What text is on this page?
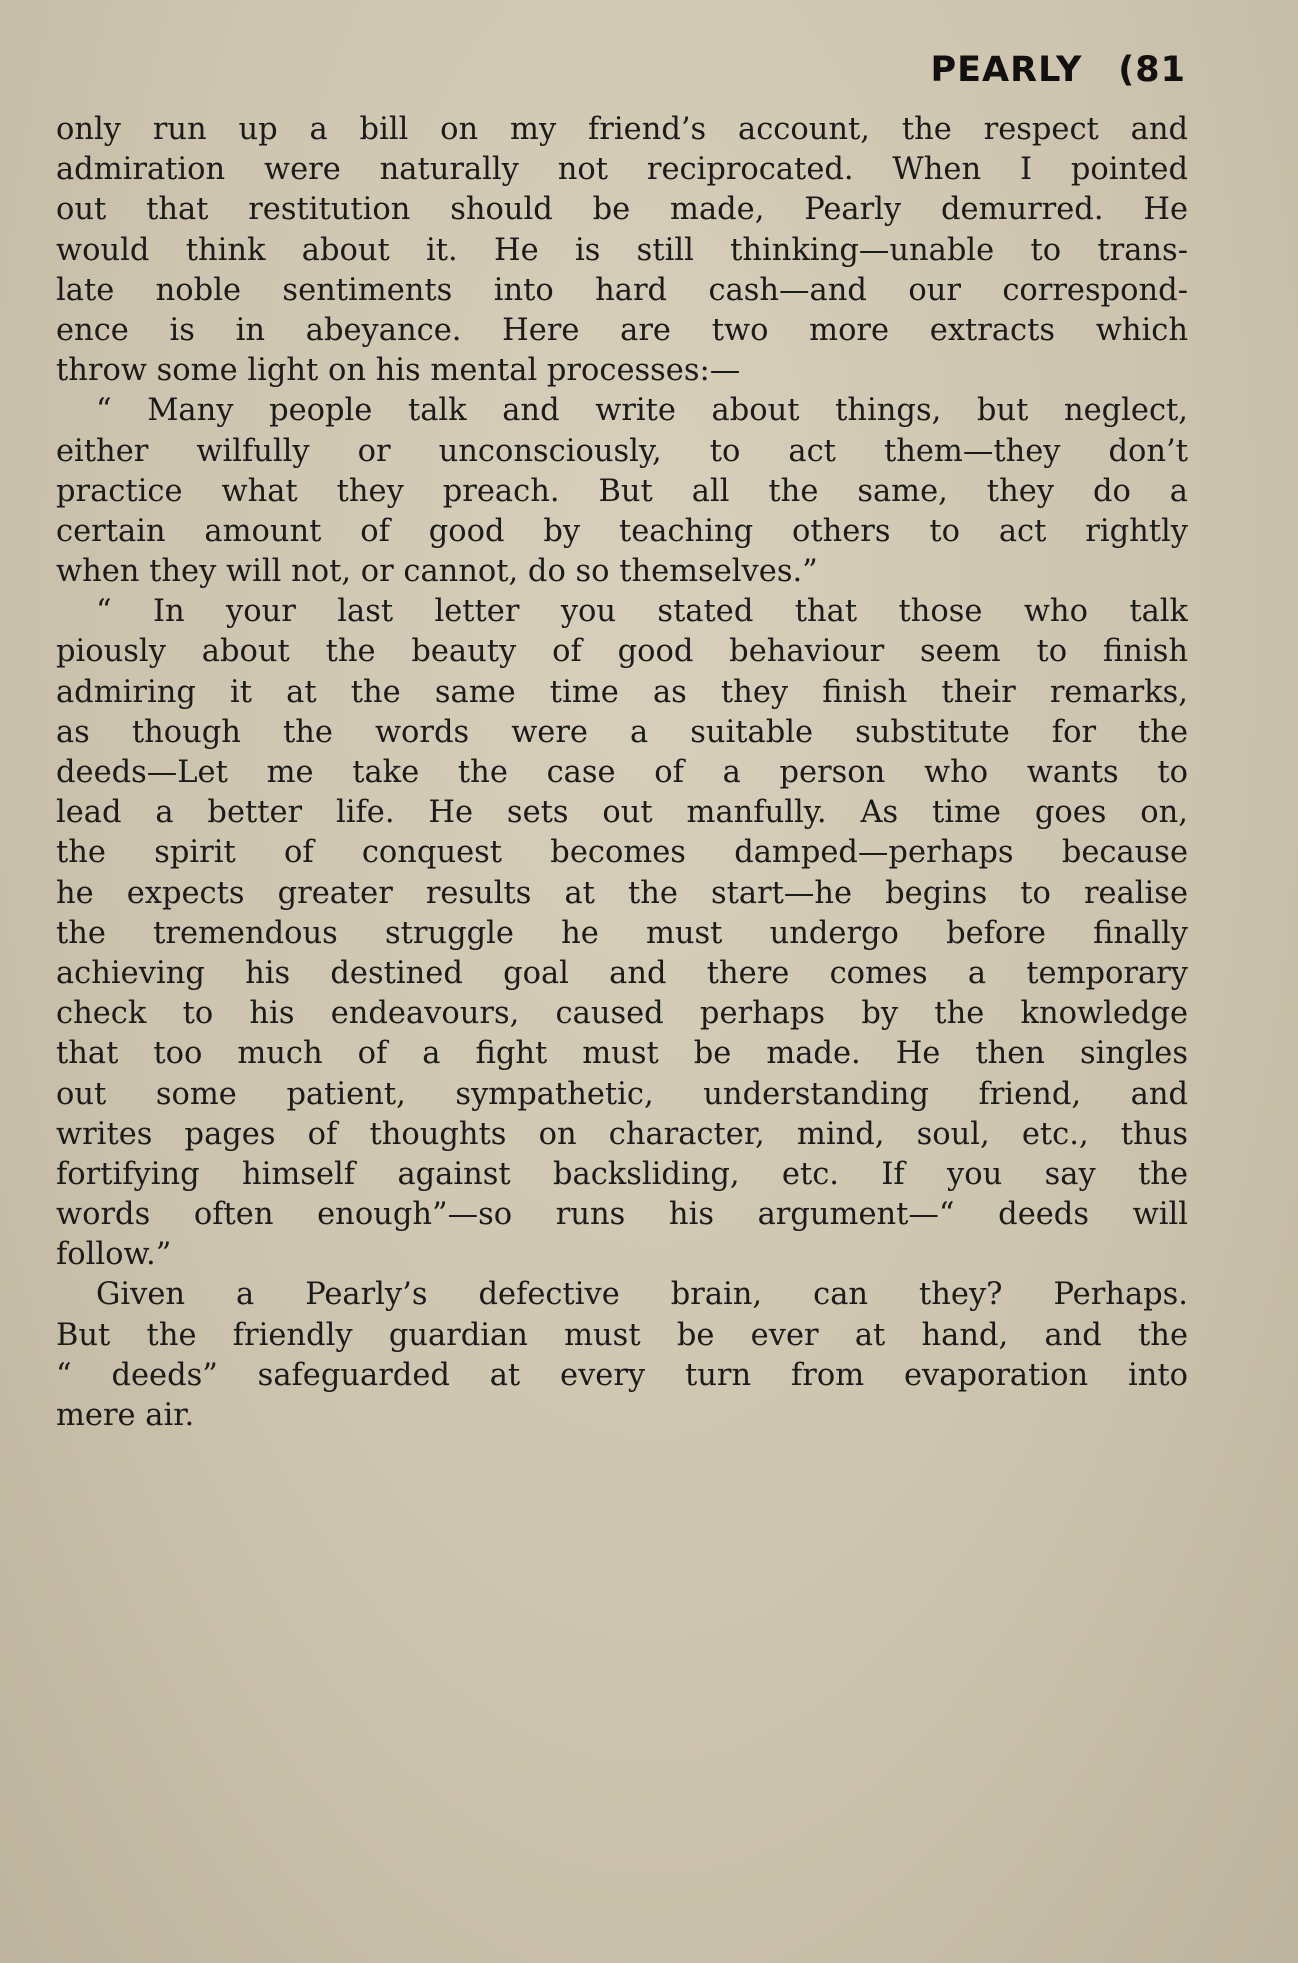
PEARLY (81
only run up a bill on my friend’s account, the respect and
admiration were naturally not reciprocated. When I pointed
out that restitution should be made, Pearly demurred. He
would think about it. He is still thinking—unable to trans-
late noble sentiments into hard cash—and our correspond-
ence is in abeyance. Here are two more extracts which
throw some light on his mental processes:—
“ Many people talk and write about things, but neglect,
either wilfully or unconsciously, to act them—they don’t
practice what they preach. But all the same, they do a
certain amount of good by teaching others to act rightly
when they will not, or cannot, do so themselves.”
“ In your last letter you stated that those who talk
piously about the beauty of good behaviour seem to finish
admiring it at the same time as they finish their remarks,
as though the words were a suitable substitute for the
deeds—Let me take the case of a person who wants to
lead a better life. He sets out manfully. As time goes on,
the spirit of conquest becomes damped—perhaps because
he expects greater results at the start—he begins to realise
the tremendous struggle he must undergo before finally
achieving his destined goal and there comes a temporary
check to his endeavours, caused perhaps by the knowledge
that too much of a fight must be made. He then singles
out some patient, sympathetic, understanding friend, and
writes pages of thoughts on character, mind, soul, etc., thus
fortifying himself against backsliding, etc. If you say the
words often enough”—so runs his argument—“ deeds will
follow.”
Given a Pearly’s defective brain, can they? Perhaps.
But the friendly guardian must be ever at hand, and the
“ deeds” safeguarded at every turn from evaporation into
mere air.
